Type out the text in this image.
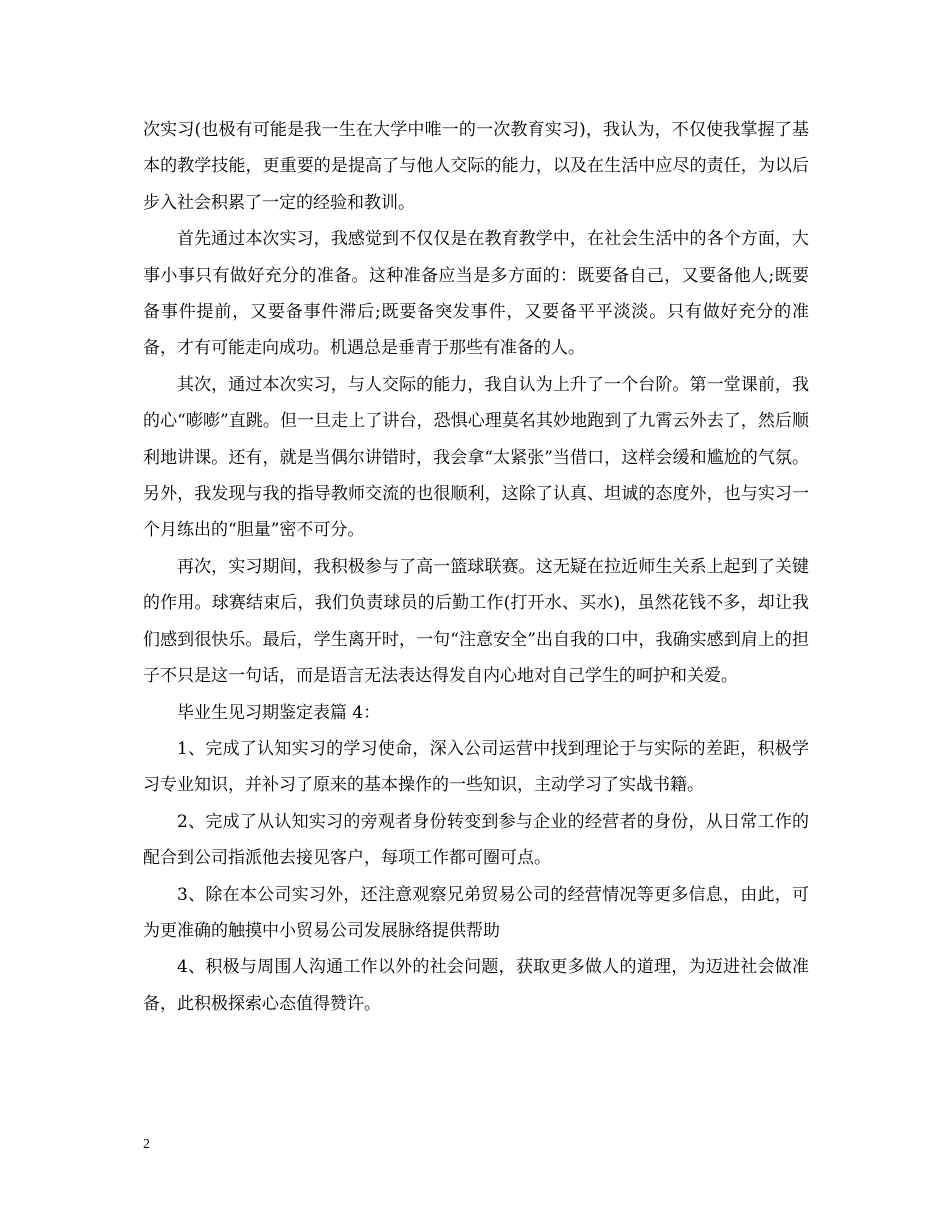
次实习(也极有可能是我一生在大学中唯一的一次教育实习)，我认为，不仅使我掌握了基本的教学技能，更重要的是提高了与他人交际的能力，以及在生活中应尽的责任，为以后步入社会积累了一定的经验和教训。

首先通过本次实习，我感觉到不仅仅是在教育教学中，在社会生活中的各个方面，大事小事只有做好充分的准备。这种准备应当是多方面的：既要备自己，又要备他人;既要备事件提前，又要备事件滞后;既要备突发事件，又要备平平淡淡。只有做好充分的准备，才有可能走向成功。机遇总是垂青于那些有准备的人。

其次，通过本次实习，与人交际的能力，我自认为上升了一个台阶。第一堂课前，我的心“嘭嘭”直跳。但一旦走上了讲台，恐惧心理莫名其妙地跑到了九霄云外去了，然后顺利地讲课。还有，就是当偶尔讲错时，我会拿“太紧张”当借口，这样会缓和尴尬的气氛。另外，我发现与我的指导教师交流的也很顺利，这除了认真、坦诚的态度外，也与实习一个月练出的“胆量”密不可分。

再次，实习期间，我积极参与了高一篮球联赛。这无疑在拉近师生关系上起到了关键的作用。球赛结束后，我们负责球员的后勤工作(打开水、买水)，虽然花钱不多，却让我们感到很快乐。最后，学生离开时，一句“注意安全”出自我的口中，我确实感到肩上的担子不只是这一句话，而是语言无法表达得发自内心地对自己学生的呵护和关爱。

毕业生见习期鉴定表篇 4：

1、完成了认知实习的学习使命，深入公司运营中找到理论于与实际的差距，积极学习专业知识，并补习了原来的基本操作的一些知识，主动学习了实战书籍。

2、完成了从认知实习的旁观者身份转变到参与企业的经营者的身份，从日常工作的配合到公司指派他去接见客户，每项工作都可圈可点。

3、除在本公司实习外，还注意观察兄弟贸易公司的经营情况等更多信息，由此，可为更准确的触摸中小贸易公司发展脉络提供帮助

4、积极与周围人沟通工作以外的社会问题，获取更多做人的道理，为迈进社会做准备，此积极探索心态值得赞许。

2
